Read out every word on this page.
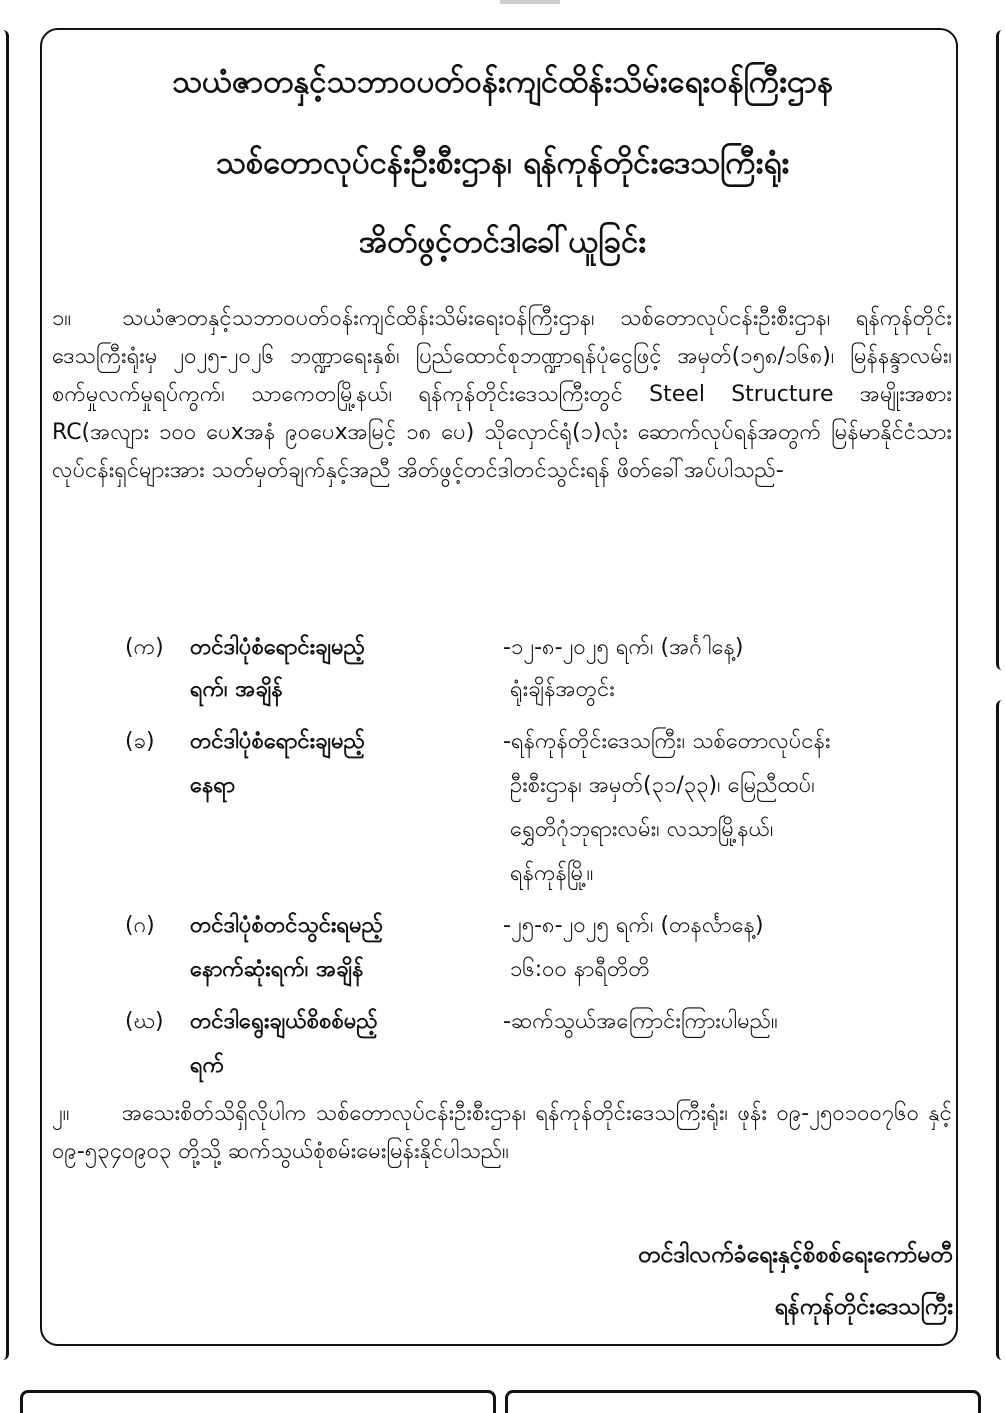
သယံဇာတနှင့်သဘာဝပတ်ဝန်းကျင်ထိန်းသိမ်းရေးဝန်ကြီးဌာန
သစ်တောလုပ်ငန်းဦးစီးဌာန၊ ရန်ကုန်တိုင်းဒေသကြီးရုံး
အိတ်ဖွင့်တင်ဒါခေါ်ယူခြင်း
၁။ သယံဇာတနှင့်သဘာဝပတ်ဝန်းကျင်ထိန်းသိမ်းရေးဝန်ကြီးဌာန၊ သစ်တောလုပ်ငန်းဦးစီးဌာန၊ ရန်ကုန်တိုင်းဒေသကြီးရုံးမှ ၂၀၂၅-၂၀၂၆ ဘဏ္ဍာရေးနှစ်၊ ပြည်ထောင်စုဘဏ္ဍာရန်ပုံငွေဖြင့် အမှတ်(၁၅၈/၁၆၈)၊ မြန်နန္ဒာလမ်း၊ စက်မှုလက်မှုရပ်ကွက်၊ သာကေတမြို့နယ်၊ ရန်ကုန်တိုင်းဒေသကြီးတွင် Steel Structure အမျိုးအစား RC(အလျား ၁၀၀ ပေxအနံ ၉၀ပေxအမြင့် ၁၈ ပေ) သိုလှောင်ရုံ(၁)လုံး ဆောက်လုပ်ရန်အတွက် မြန်မာနိုင်ငံသားလုပ်ငန်းရှင်များအား သတ်မှတ်ချက်နှင့်အညီ အိတ်ဖွင့်တင်ဒါတင်သွင်းရန် ဖိတ်ခေါ်အပ်ပါသည်-
(က) တင်ဒါပုံစံရောင်းချမည့်
ရက်၊ အချိန်
-၁၂-၈-၂၀၂၅ ရက်၊ (အင်္ဂါနေ့)
ရုံးချိန်အတွင်း
(ခ) တင်ဒါပုံစံရောင်းချမည့်
နေရာ
-ရန်ကုန်တိုင်းဒေသကြီး၊ သစ်တောလုပ်ငန်း
ဦးစီးဌာန၊ အမှတ်(၃၁/၃၃)၊ မြေညီထပ်၊
ရွှေတိဂုံဘုရားလမ်း၊ လသာမြို့နယ်၊
ရန်ကုန်မြို့။
(ဂ) တင်ဒါပုံစံတင်သွင်းရမည့်
နောက်ဆုံးရက်၊ အချိန်
-၂၅-၈-၂၀၂၅ ရက်၊ (တနင်္လာနေ့)
၁၆:၀၀ နာရီတိတိ
(ဃ) တင်ဒါရွေးချယ်စိစစ်မည့်
ရက်
-ဆက်သွယ်အကြောင်းကြားပါမည်။
၂။ အသေးစိတ်သိရှိလိုပါက သစ်တောလုပ်ငန်းဦးစီးဌာန၊ ရန်ကုန်တိုင်းဒေသကြီးရုံး၊ ဖုန်း ၀၉-၂၅၀၁၀၀၇၆၀ နှင့် ၀၉-၅၃၄၀၉၀၃ တို့သို့ ဆက်သွယ်စုံစမ်းမေးမြန်းနိုင်ပါသည်။
တင်ဒါလက်ခံရေးနှင့်စိစစ်ရေးကော်မတီ
ရန်ကုန်တိုင်းဒေသကြီး
